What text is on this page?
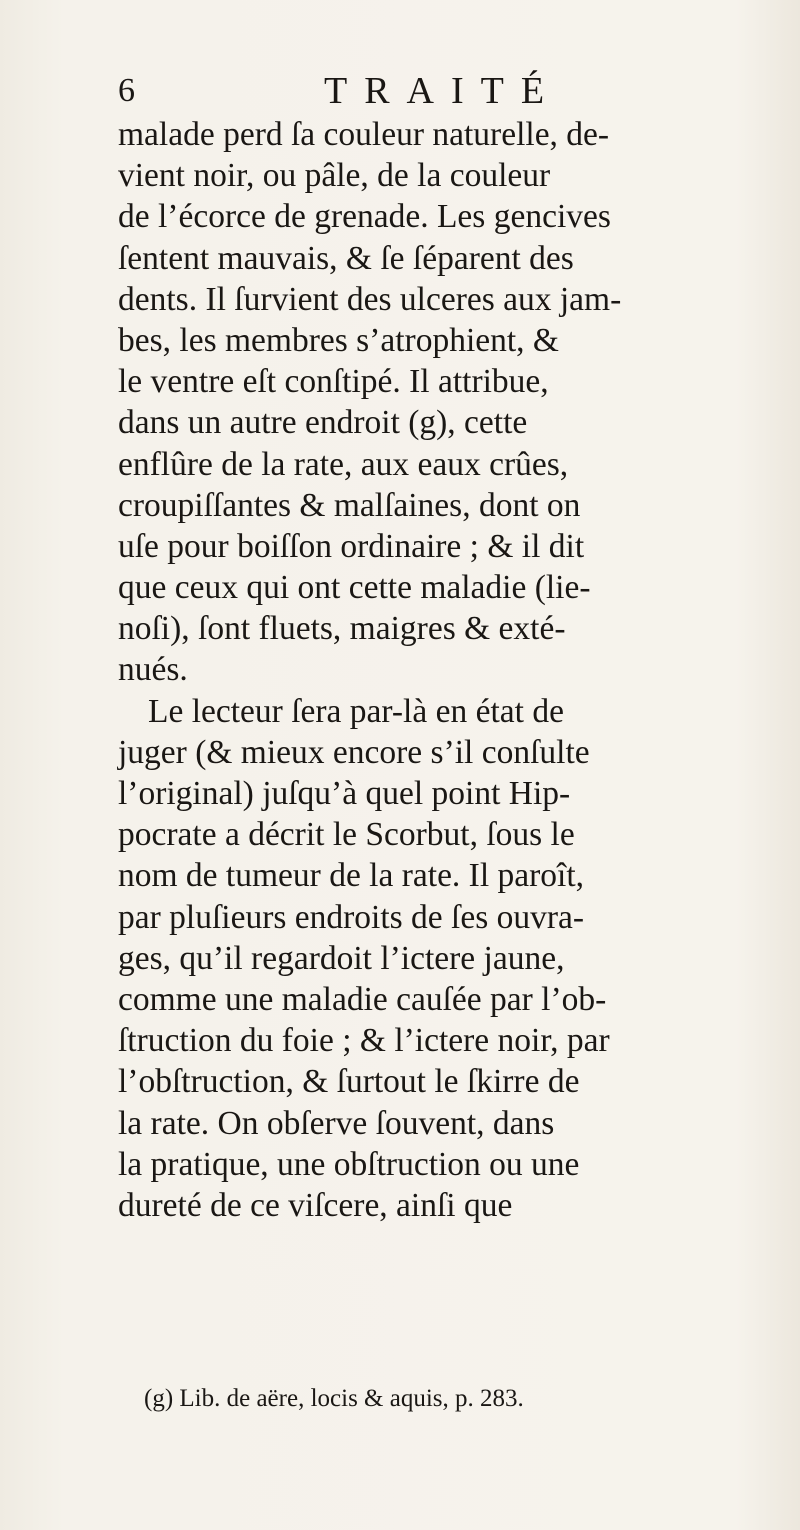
6	TRAITÉ
malade perd ſa couleur naturelle, de-
vient noir, ou pâle, de la couleur
de l’écorce de grenade. Les gencives
ſentent mauvais, & ſe ſéparent des
dents. Il ſurvient des ulceres aux jam-
bes, les membres s’atrophient, &
le ventre eſt conſtipé. Il attribue,
dans un autre endroit (g), cette
enflûre de la rate, aux eaux crûes,
croupiſſantes & malſaines, dont on
uſe pour boiſſon ordinaire ; & il dit
que ceux qui ont cette maladie (lie-
noſi), ſont fluets, maigres & exté-
nués.
Le lecteur ſera par-là en état de
juger (& mieux encore s’il conſulte
l’original) juſqu’à quel point Hip-
pocrate a décrit le Scorbut, ſous le
nom de tumeur de la rate. Il paroît,
par pluſieurs endroits de ſes ouvra-
ges, qu’il regardoit l’ictere jaune,
comme une maladie cauſée par l’ob-
ſtruction du foie ; & l’ictere noir, par
l’obſtruction, & ſurtout le ſkirre de
la rate. On obſerve ſouvent, dans
la pratique, une obſtruction ou une
dureté de ce viſcere, ainſi que
(g) Lib. de aëre, locis & aquis, p. 283.
